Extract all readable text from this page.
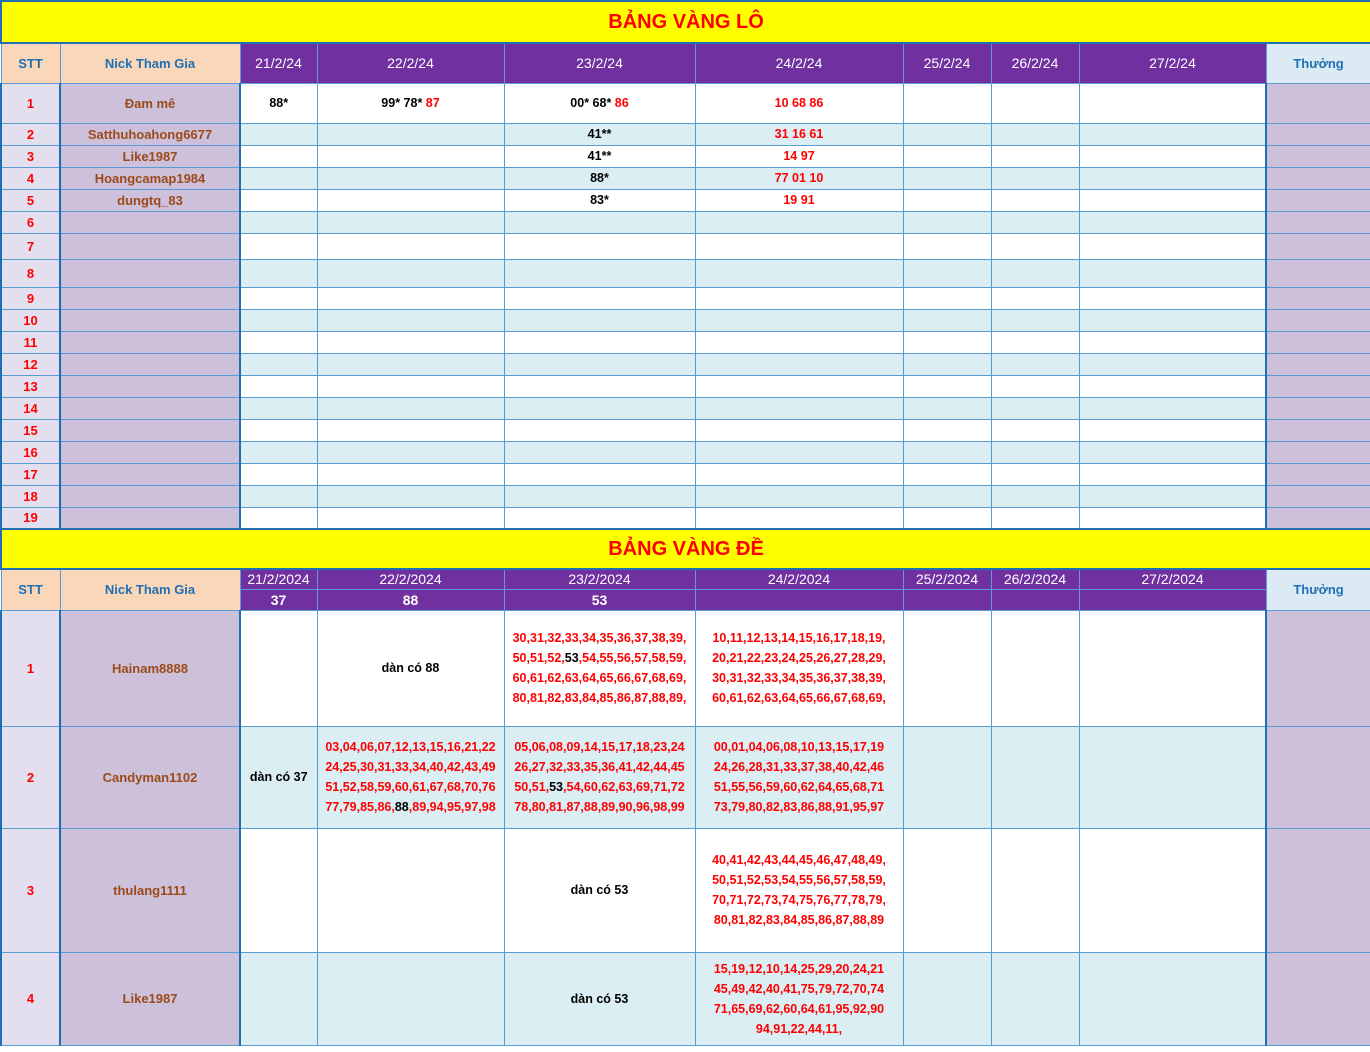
BẢNG VÀNG LÔ									
STT	Nick Tham Gia	21/2/24	22/2/24	23/2/24	24/2/24	25/2/24	26/2/24	27/2/24	Thưởng
1	Đam mê	88*	99* 78* 87	00* 68* 86	10 68 86				
2	Satthuhoahong6677			41**	31 16 61				
3	Like1987			41**	14 97				
4	Hoangcamap1984			88*	77 01 10				
5	dungtq_83			83*	19 91				
6									
7									
8									
9									
10									
11									
12									
13									
14									
15									
16									
17									
18									
19									
BẢNG VÀNG ĐỀ									
STT	Nick Tham Gia	21/2/2024	22/2/2024	23/2/2024	24/2/2024	25/2/2024	26/2/2024	27/2/2024	Thưởng
		37	88	53					
1	Hainam8888		dàn có 88	30,31,32,33,34,35,36,37,38,39,
50,51,52,53,54,55,56,57,58,59,
60,61,62,63,64,65,66,67,68,69,
80,81,82,83,84,85,86,87,88,89,	10,11,12,13,14,15,16,17,18,19,
20,21,22,23,24,25,26,27,28,29,
30,31,32,33,34,35,36,37,38,39,
60,61,62,63,64,65,66,67,68,69,				
2	Candyman1102	dàn có 37	03,04,06,07,12,13,15,16,21,22
24,25,30,31,33,34,40,42,43,49
51,52,58,59,60,61,67,68,70,76
77,79,85,86,88,89,94,95,97,98	05,06,08,09,14,15,17,18,23,24
26,27,32,33,35,36,41,42,44,45
50,51,53,54,60,62,63,69,71,72
78,80,81,87,88,89,90,96,98,99	00,01,04,06,08,10,13,15,17,19
24,26,28,31,33,37,38,40,42,46
51,55,56,59,60,62,64,65,68,71
73,79,80,82,83,86,88,91,95,97				
3	thulang1111			dàn có 53	40,41,42,43,44,45,46,47,48,49,
50,51,52,53,54,55,56,57,58,59,
70,71,72,73,74,75,76,77,78,79,
80,81,82,83,84,85,86,87,88,89				
4	Like1987			dàn có 53	15,19,12,10,14,25,29,20,24,21
45,49,42,40,41,75,79,72,70,74
71,65,69,62,60,64,61,95,92,90
94,91,22,44,11,				
